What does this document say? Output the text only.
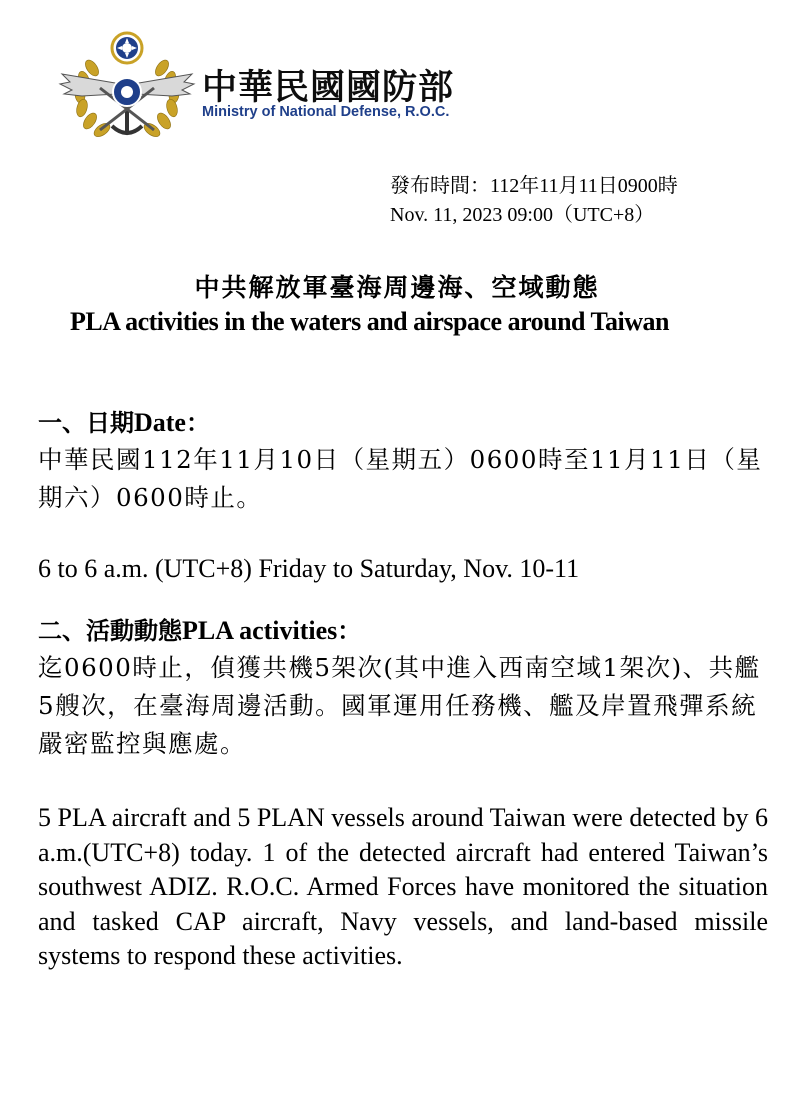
中華民國國防部
Ministry of National Defense, R.O.C.
發布時間：112年11月11日0900時
Nov. 11, 2023 09:00（UTC+8）
中共解放軍臺海周邊海、空域動態
PLA activities in the waters and airspace around Taiwan
一、日期Date：

中華民國112年11月10日（星期五）0600時至11月11日（星期六）0600時止。

6 to 6 a.m. (UTC+8) Friday to Saturday, Nov. 10-11

二、活動動態PLA activities：

迄0600時止，偵獲共機5架次(其中進入西南空域1架次)、共艦5艘次，在臺海周邊活動。國軍運用任務機、艦及岸置飛彈系統嚴密監控與應處。

5 PLA aircraft and 5 PLAN vessels around Taiwan were detected by 6 a.m.(UTC+8) today. 1 of the detected aircraft had entered Taiwan’s southwest ADIZ. R.O.C. Armed Forces have monitored the situation and tasked CAP aircraft, Navy vessels, and land-based missile systems to respond these activities.
